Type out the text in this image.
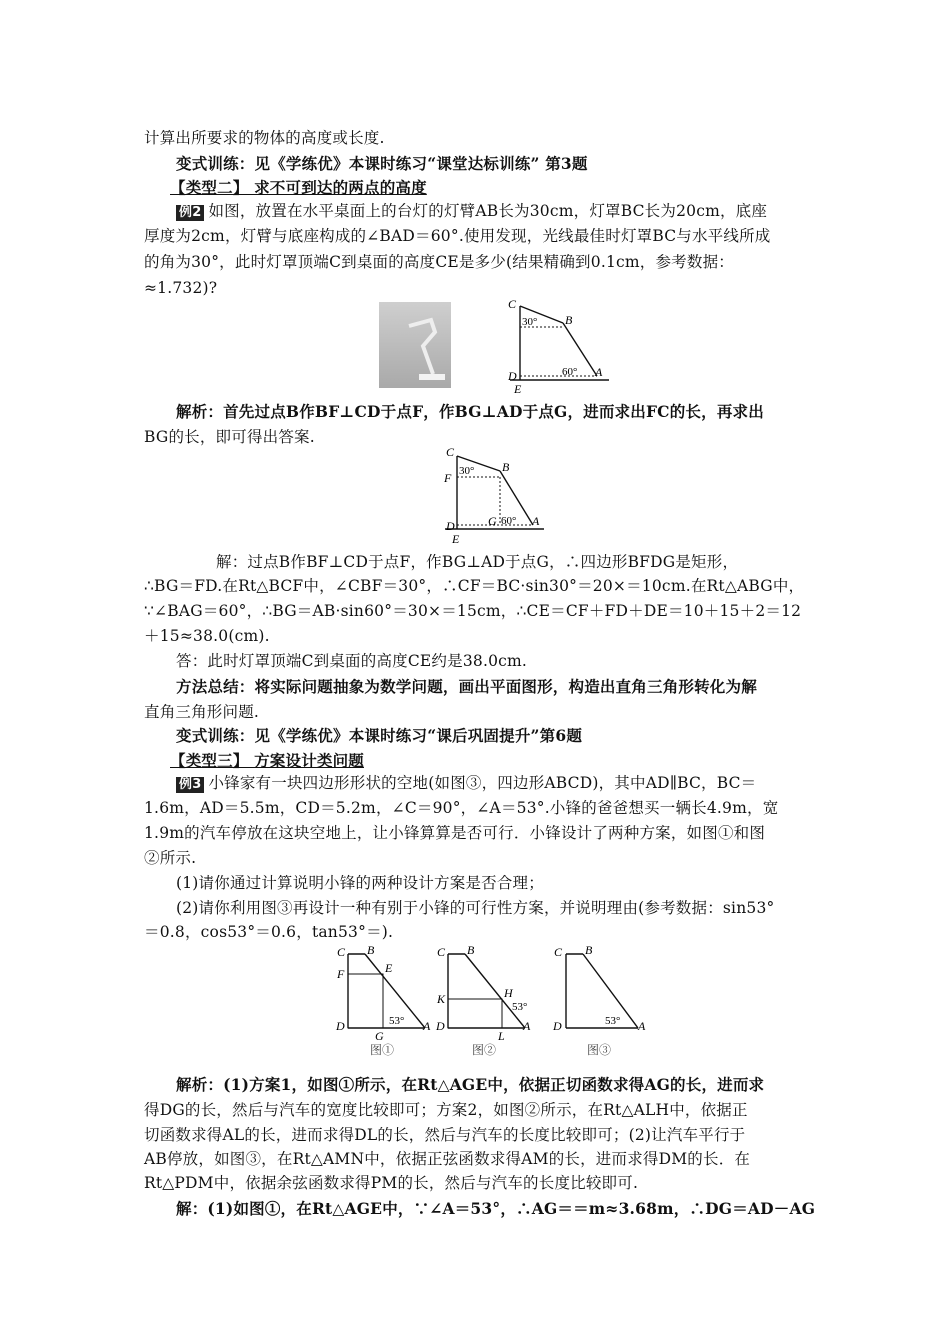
计算出所要求的物体的高度或长度.
变式训练：见《学练优》本课时练习“课堂达标训练” 第3题
【类型二】 求不可到达的两点的高度
例2 如图，放置在水平桌面上的台灯的灯臂AB长为30cm，灯罩BC长为20cm，底座
厚度为2cm，灯臂与底座构成的∠BAD＝60°.使用发现，光线最佳时灯罩BC与水平线所成
的角为30°，此时灯罩顶端C到桌面的高度CE是多少(结果精确到0.1cm，参考数据：
≈1.732)?
C
B
D
E
A
30°
60°
解析：首先过点B作BF⊥CD于点F，作BG⊥AD于点G，进而求出FC的长，再求出
BG的长，即可得出答案.
C
B
F
D
E
G	A
30°
60°
解：过点B作BF⊥CD于点F，作BG⊥AD于点G，∴四边形BFDG是矩形，
∴BG＝FD.在Rt△BCF中，∠CBF＝30°，∴CF＝BC·sin30°＝20×＝10cm.在Rt△ABG中，
∵∠BAG＝60°，∴BG＝AB·sin60°＝30×＝15cm，∴CE＝CF＋FD＋DE＝10＋15＋2＝12
＋15≈38.0(cm).
答：此时灯罩顶端C到桌面的高度CE约是38.0cm.
方法总结：将实际问题抽象为数学问题，画出平面图形，构造出直角三角形转化为解
直角三角形问题.
变式训练：见《学练优》本课时练习“课后巩固提升”第6题
【类型三】 方案设计类问题
例3 小锋家有一块四边形形状的空地(如图③，四边形ABCD)，其中AD∥BC，BC＝
1.6m，AD＝5.5m，CD＝5.2m，∠C＝90°，∠A＝53°.小锋的爸爸想买一辆长4.9m，宽
1.9m的汽车停放在这块空地上，让小锋算算是否可行．小锋设计了两种方案，如图①和图
②所示.
(1)请你通过计算说明小锋的两种设计方案是否合理；
(2)请你利用图③再设计一种有别于小锋的可行性方案，并说明理由(参考数据：sin53°
＝0.8，cos53°＝0.6，tan53°＝).
C B
F	E
D
G
A
53°
图①
C B
K	H
D
L
A
53°
图②
C B
D	A
53°
图③
解析：(1)方案1，如图①所示，在Rt△AGE中，依据正切函数求得AG的长，进而求
得DG的长，然后与汽车的宽度比较即可；方案2，如图②所示，在Rt△ALH中，依据正
切函数求得AL的长，进而求得DL的长，然后与汽车的长度比较即可；(2)让汽车平行于
AB停放，如图③，在Rt△AMN中，依据正弦函数求得AM的长，进而求得DM的长．在
Rt△PDM中，依据余弦函数求得PM的长，然后与汽车的长度比较即可.
解：(1)如图①，在Rt△AGE中，∵∠A＝53°，∴AG＝＝m≈3.68m，∴DG＝AD－AG
